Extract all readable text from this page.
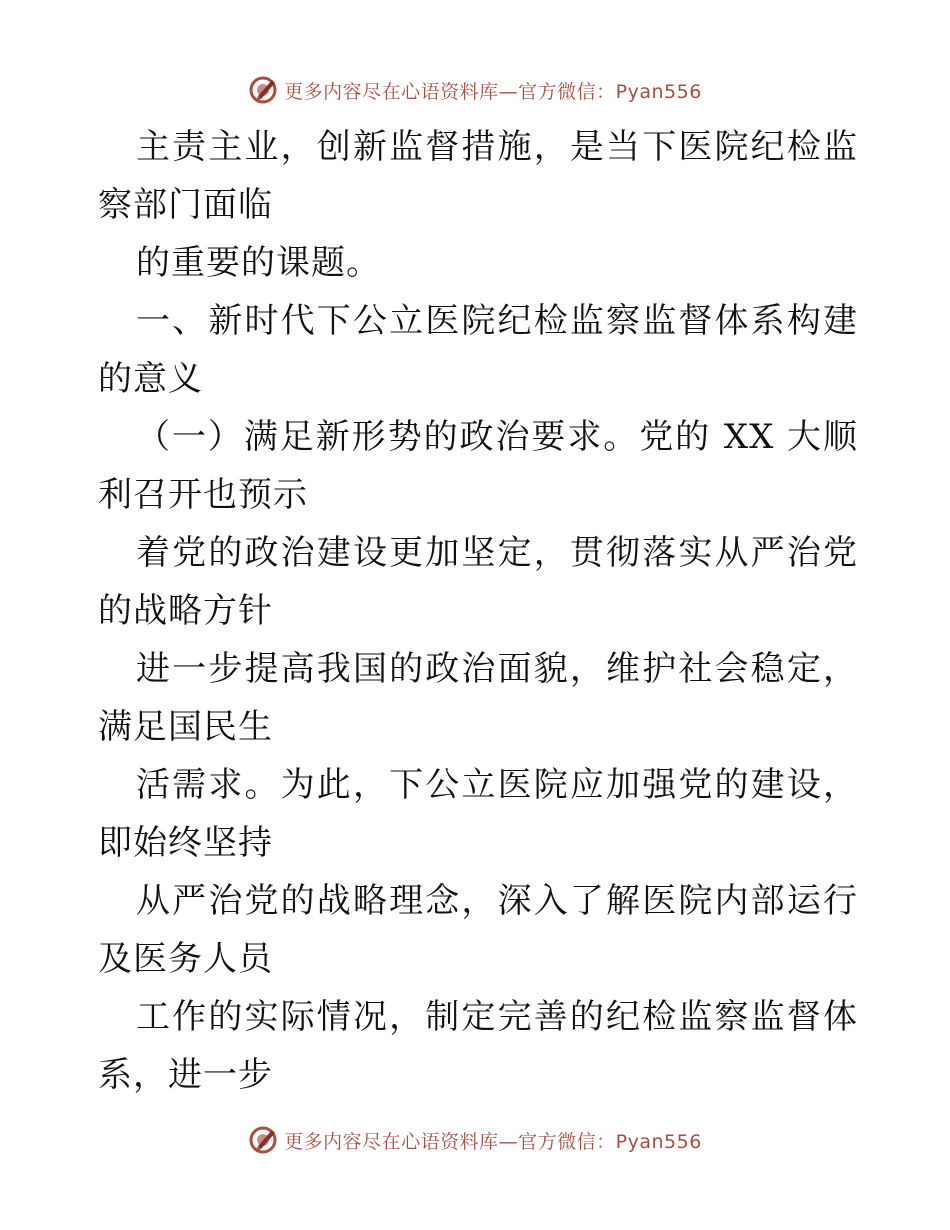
更多内容尽在心语资料库—官方微信：Pyan556

主责主业，创新监督措施，是当下医院纪检监察部门面临

的重要的课题。

一、新时代下公立医院纪检监察监督体系构建的意义

（一）满足新形势的政治要求。党的 XX 大顺利召开也预示

着党的政治建设更加坚定，贯彻落实从严治党的战略方针

进一步提高我国的政治面貌，维护社会稳定，满足国民生

活需求。为此，下公立医院应加强党的建设，即始终坚持

从严治党的战略理念，深入了解医院内部运行及医务人员

工作的实际情况，制定完善的纪检监察监督体系，进一步

更多内容尽在心语资料库—官方微信：Pyan556
